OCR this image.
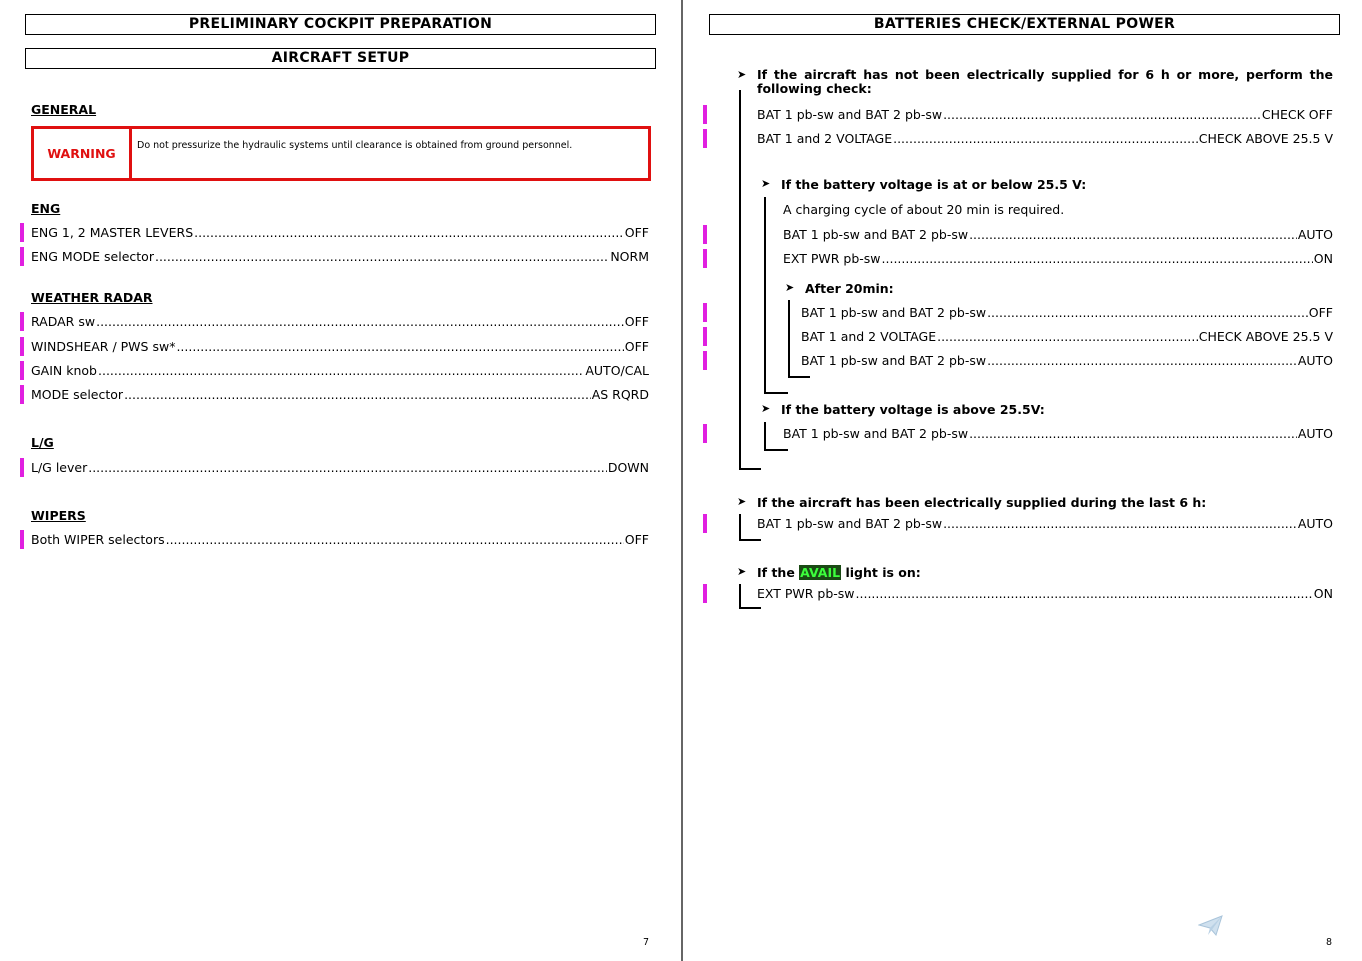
PRELIMINARY COCKPIT PREPARATION
AIRCRAFT SETUP
GENERAL
WARNING
Do not pressurize the hydraulic systems until clearance is obtained from ground personnel.
ENG
ENG 1, 2 MASTER LEVERS .....	OFF
ENG MODE selector .....	NORM
WEATHER RADAR
RADAR sw .....	OFF
WINDSHEAR / PWS sw* .....	OFF
GAIN knob .....	AUTO/CAL
MODE selector .....	AS RQRD
L/G
L/G lever .....	DOWN
WIPERS
Both WIPER selectors .....	OFF
7
BATTERIES CHECK/EXTERNAL POWER
➤ If the aircraft has not been electrically supplied for 6 h or more, perform the following check:
BAT 1 pb-sw and BAT 2 pb-sw .....	CHECK OFF
BAT 1 and 2 VOLTAGE .....	CHECK ABOVE 25.5 V
➤ If the battery voltage is at or below 25.5 V:
A charging cycle of about 20 min is required.
BAT 1 pb-sw and BAT 2 pb-sw .....	AUTO
EXT PWR pb-sw .....	ON
➤ After 20min:
BAT 1 pb-sw and BAT 2 pb-sw .....	OFF
BAT 1 and 2 VOLTAGE .....	CHECK ABOVE 25.5 V
BAT 1 pb-sw and BAT 2 pb-sw .....	AUTO
➤ If the battery voltage is above 25.5V:
BAT 1 pb-sw and BAT 2 pb-sw .....	AUTO
➤ If the aircraft has been electrically supplied during the last 6 h:
BAT 1 pb-sw and BAT 2 pb-sw .....	AUTO
➤ If the AVAIL light is on:
EXT PWR pb-sw .....	ON
8
